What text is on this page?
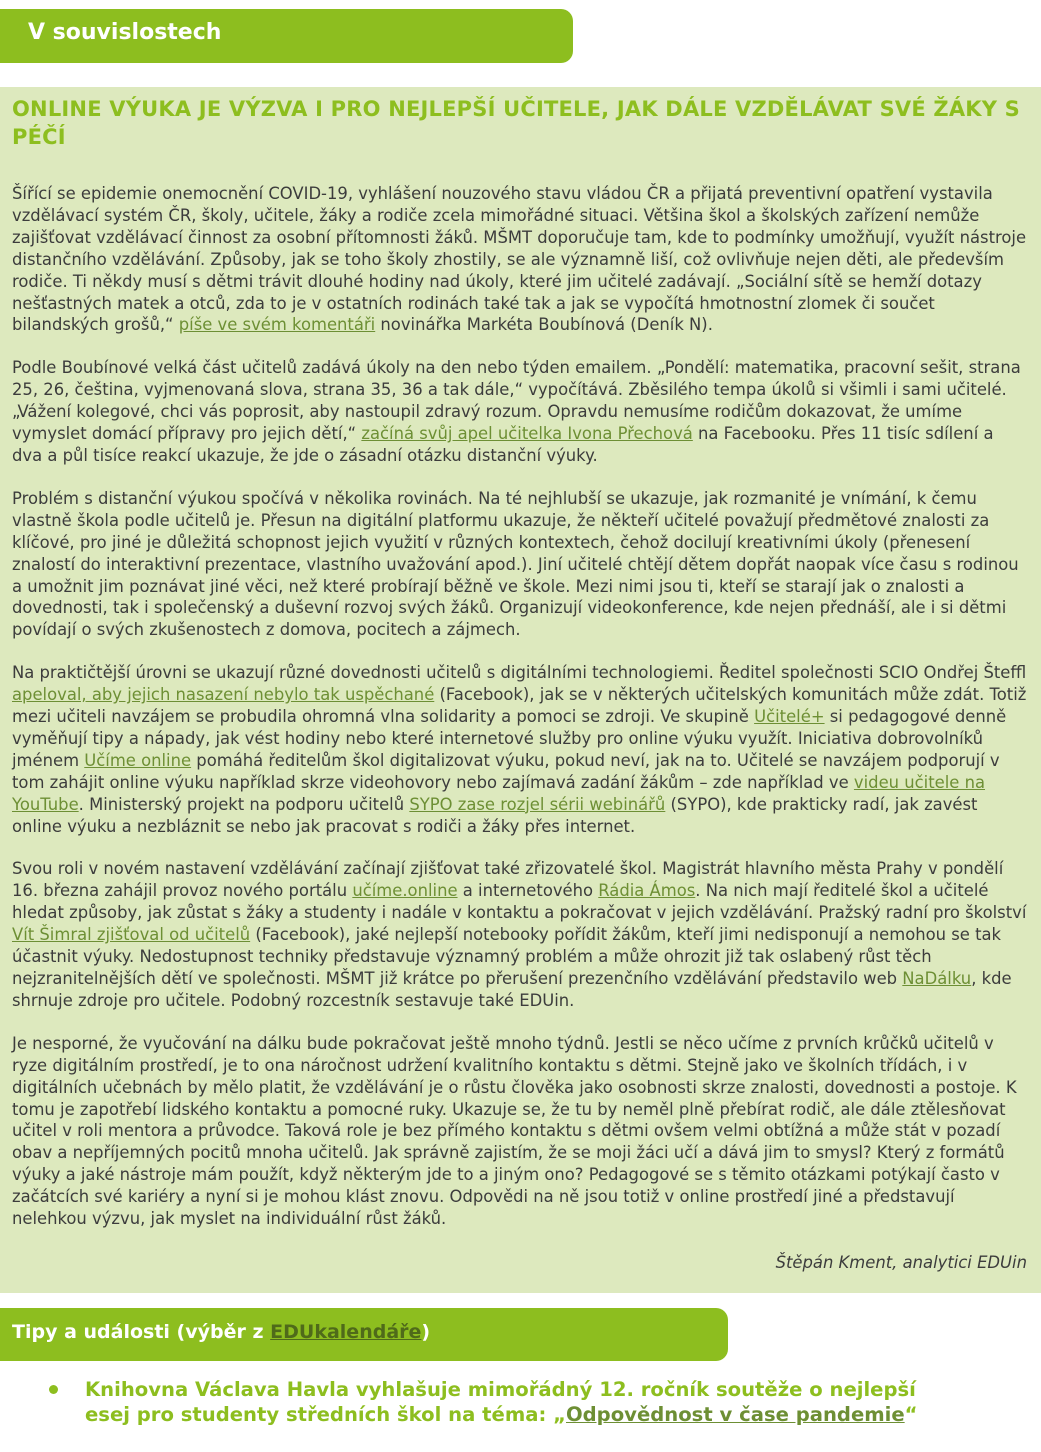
V souvislostech
ONLINE VÝUKA JE VÝZVA I PRO NEJLEPŠÍ UČITELE, JAK DÁLE VZDĚLÁVAT SVÉ ŽÁKY S PÉČÍ

Šířící se epidemie onemocnění COVID-19, vyhlášení nouzového stavu vládou ČR a přijatá preventivní opatření vystavila vzdělávací systém ČR, školy, učitele, žáky a rodiče zcela mimořádné situaci. Většina škol a školských zařízení nemůže zajišťovat vzdělávací činnost za osobní přítomnosti žáků. MŠMT doporučuje tam, kde to podmínky umožňují, využít nástroje distančního vzdělávání. Způsoby, jak se toho školy zhostily, se ale významně liší, což ovlivňuje nejen děti, ale především rodiče. Ti někdy musí s dětmi trávit dlouhé hodiny nad úkoly, které jim učitelé zadávají. „Sociální sítě se hemží dotazy nešťastných matek a otců, zda to je v ostatních rodinách také tak a jak se vypočítá hmotnostní zlomek či součet bilandských grošů,“ píše ve svém komentáři novinářka Markéta Boubínová (Deník N).

Podle Boubínové velká část učitelů zadává úkoly na den nebo týden emailem. „Pondělí: matematika, pracovní sešit, strana 25, 26, čeština, vyjmenovaná slova, strana 35, 36 a tak dále,“ vypočítává. Zběsilého tempa úkolů si všimli i sami učitelé. „Vážení kolegové, chci vás poprosit, aby nastoupil zdravý rozum. Opravdu nemusíme rodičům dokazovat, že umíme vymyslet domácí přípravy pro jejich dětí,“ začíná svůj apel učitelka Ivona Přechová na Facebooku. Přes 11 tisíc sdílení a dva a půl tisíce reakcí ukazuje, že jde o zásadní otázku distanční výuky.

Problém s distanční výukou spočívá v několika rovinách. Na té nejhlubší se ukazuje, jak rozmanité je vnímání, k čemu vlastně škola podle učitelů je. Přesun na digitální platformu ukazuje, že někteří učitelé považují předmětové znalosti za klíčové, pro jiné je důležitá schopnost jejich využití v různých kontextech, čehož docilují kreativními úkoly (přenesení znalostí do interaktivní prezentace, vlastního uvažování apod.). Jiní učitelé chtějí dětem dopřát naopak více času s rodinou a umožnit jim poznávat jiné věci, než které probírají běžně ve škole. Mezi nimi jsou ti, kteří se starají jak o znalosti a dovednosti, tak i společenský a duševní rozvoj svých žáků. Organizují videokonference, kde nejen přednáší, ale i si dětmi povídají o svých zkušenostech z domova, pocitech a zájmech.

Na praktičtější úrovni se ukazují různé dovednosti učitelů s digitálními technologiemi. Ředitel společnosti SCIO Ondřej Šteffl apeloval, aby jejich nasazení nebylo tak uspěchané (Facebook), jak se v některých učitelských komunitách může zdát. Totiž mezi učiteli navzájem se probudila ohromná vlna solidarity a pomoci se zdroji. Ve skupině Učitelé+ si pedagogové denně vyměňují tipy a nápady, jak vést hodiny nebo které internetové služby pro online výuku využít. Iniciativa dobrovolníků jménem Učíme online pomáhá ředitelům škol digitalizovat výuku, pokud neví, jak na to. Učitelé se navzájem podporují v tom zahájit online výuku například skrze videohovory nebo zajímavá zadání žákům – zde například ve videu učitele na YouTube. Ministerský projekt na podporu učitelů SYPO zase rozjel sérii webinářů (SYPO), kde prakticky radí, jak zavést online výuku a nezbláznit se nebo jak pracovat s rodiči a žáky přes internet.

Svou roli v novém nastavení vzdělávání začínají zjišťovat také zřizovatelé škol. Magistrát hlavního města Prahy v pondělí 16. března zahájil provoz nového portálu učíme.online a internetového Rádia Ámos. Na nich mají ředitelé škol a učitelé hledat způsoby, jak zůstat s žáky a studenty i nadále v kontaktu a pokračovat v jejich vzdělávání. Pražský radní pro školství Vít Šimral zjišťoval od učitelů (Facebook), jaké nejlepší notebooky pořídit žákům, kteří jimi nedisponují a nemohou se tak účastnit výuky. Nedostupnost techniky představuje významný problém a může ohrozit již tak oslabený růst těch nejzranitelnějších dětí ve společnosti. MŠMT již krátce po přerušení prezenčního vzdělávání představilo web NaDálku, kde shrnuje zdroje pro učitele. Podobný rozcestník sestavuje také EDUin.

Je nesporné, že vyučování na dálku bude pokračovat ještě mnoho týdnů. Jestli se něco učíme z prvních krůčků učitelů v ryze digitálním prostředí, je to ona náročnost udržení kvalitního kontaktu s dětmi. Stejně jako ve školních třídách, i v digitálních učebnách by mělo platit, že vzdělávání je o růstu člověka jako osobnosti skrze znalosti, dovednosti a postoje. K tomu je zapotřebí lidského kontaktu a pomocné ruky. Ukazuje se, že tu by neměl plně přebírat rodič, ale dále ztělesňovat učitel v roli mentora a průvodce. Taková role je bez přímého kontaktu s dětmi ovšem velmi obtížná a může stát v pozadí obav a nepříjemných pocitů mnoha učitelů. Jak správně zajistím, že se moji žáci učí a dává jim to smysl? Který z formátů výuky a jaké nástroje mám použít, když některým jde to a jiným ono? Pedagogové se s těmito otázkami potýkají často v začátcích své kariéry a nyní si je mohou klást znovu. Odpovědi na ně jsou totiž v online prostředí jiné a představují nelehkou výzvu, jak myslet na individuální růst žáků.

Štěpán Kment, analytici EDUin

Tipy a události (výběr z EDUkalendáře)
Knihovna Václava Havla vyhlašuje mimořádný 12. ročník soutěže o nejlepší esej pro studenty středních škol na téma: „Odpovědnost v čase pandemie“
